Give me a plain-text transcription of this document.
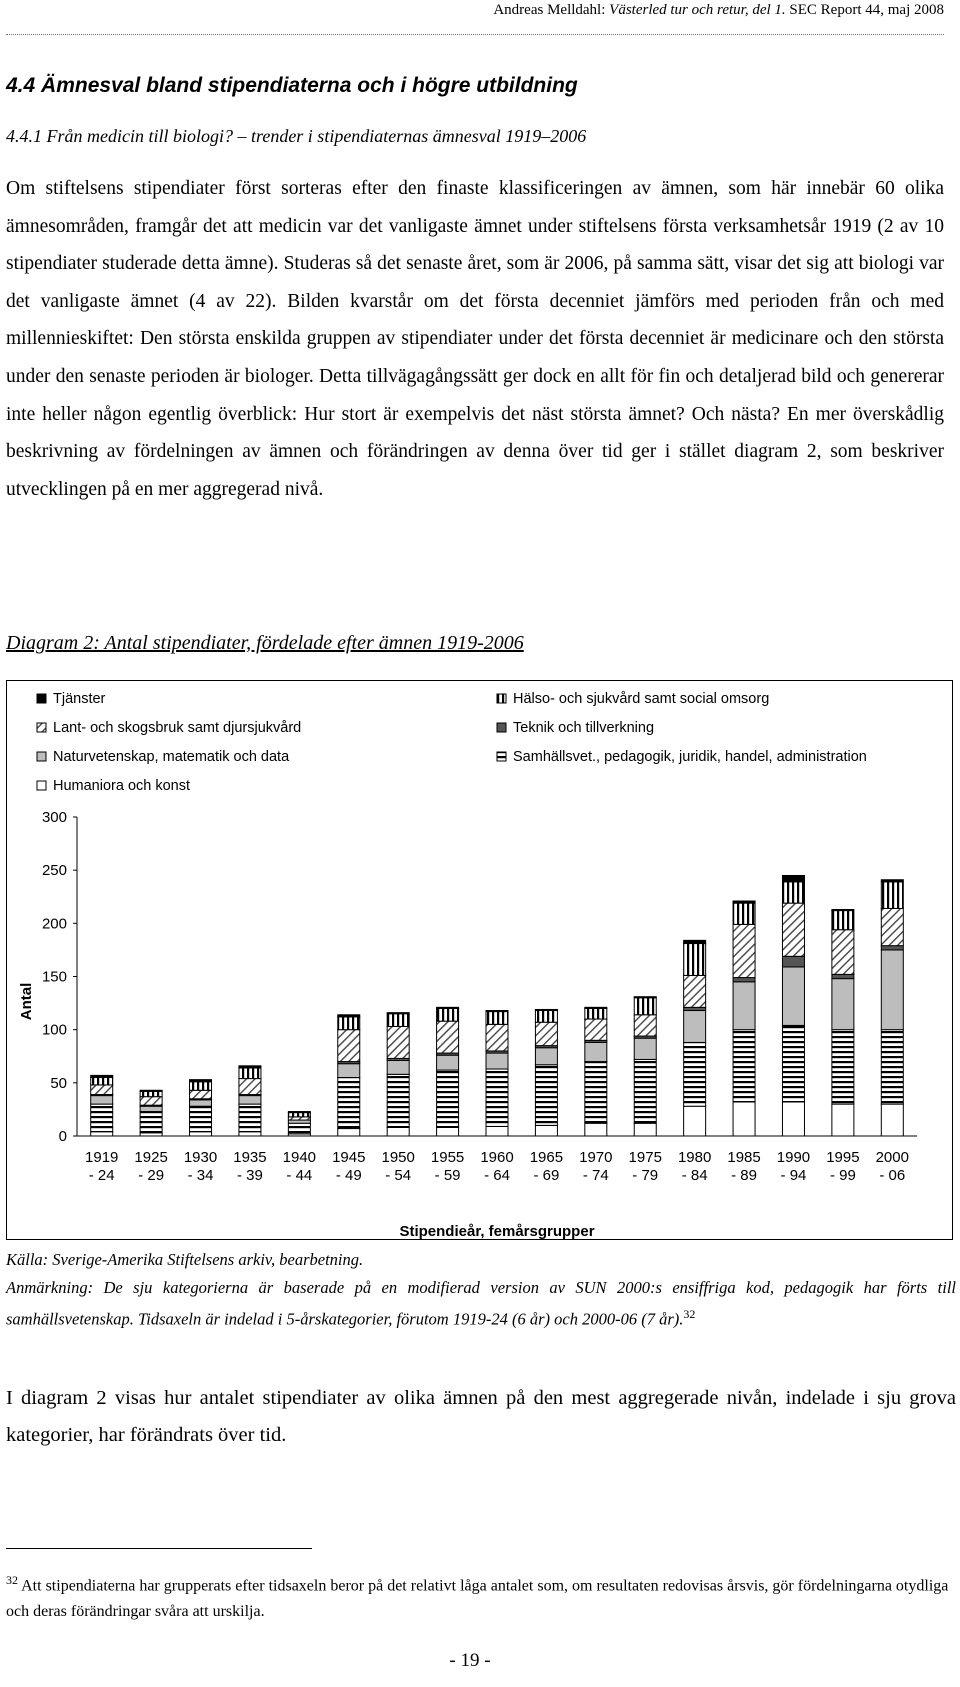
Andreas Melldahl: Västerled tur och retur, del 1. SEC Report 44, maj 2008
4.4 Ämnesval bland stipendiaterna och i högre utbildning
4.4.1 Från medicin till biologi? – trender i stipendiaternas ämnesval 1919–2006

Om stiftelsens stipendiater först sorteras efter den finaste klassificeringen av ämnen, som här innebär 60 olika ämnesområden, framgår det att medicin var det vanligaste ämnet under stiftelsens första verksamhetsår 1919 (2 av 10 stipendiater studerade detta ämne). Studeras så det senaste året, som är 2006, på samma sätt, visar det sig att biologi var det vanligaste ämnet (4 av 22). Bilden kvarstår om det första decenniet jämförs med perioden från och med millennieskiftet: Den största enskilda gruppen av stipendiater under det första decenniet är medicinare och den största under den senaste perioden är biologer. Detta tillvägagångssätt ger dock en allt för fin och detaljerad bild och genererar inte heller någon egentlig överblick: Hur stort är exempelvis det näst största ämnet? Och nästa? En mer överskådlig beskrivning av fördelningen av ämnen och förändringen av denna över tid ger i stället diagram 2, som beskriver utvecklingen på en mer aggregerad nivå.

Diagram 2: Antal stipendiater, fördelade efter ämnen 1919-2006
Tjänster	Hälso- och sjukvård samt social omsorg
Lant- och skogsbruk samt djursjukvård	Teknik och tillverkning
Naturvetenskap, matematik och data	Samhällsvet., pedagogik, juridik, handel, administration
Humaniora och konst
0
50
100
150
200
250
300
Antal
Stipendieår, femårsgrupper
1919
- 24
1925
- 29
1930
- 34
1935
- 39
1940
- 44
1945
- 49
1950
- 54
1955
- 59
1960
- 64
1965
- 69
1970
- 74
1975
- 79
1980
- 84
1985
- 89
1990
- 94
1995
- 99
2000
- 06
Källa: Sverige-Amerika Stiftelsens arkiv, bearbetning.
Anmärkning: De sju kategorierna är baserade på en modifierad version av SUN 2000:s ensiffriga kod, pedagogik har förts till samhällsvetenskap. Tidsaxeln är indelad i 5-årskategorier, förutom 1919-24 (6 år) och 2000-06 (7 år).$^{32}$
I diagram 2 visas hur antalet stipendiater av olika ämnen på den mest aggregerade nivån, indelade i sju grova kategorier, har förändrats över tid.
$^{32}$ Att stipendiaterna har grupperats efter tidsaxeln beror på det relativt låga antalet som, om resultaten redovisas årsvis, gör fördelningarna otydliga och deras förändringar svåra att urskilja.
- 19 -
